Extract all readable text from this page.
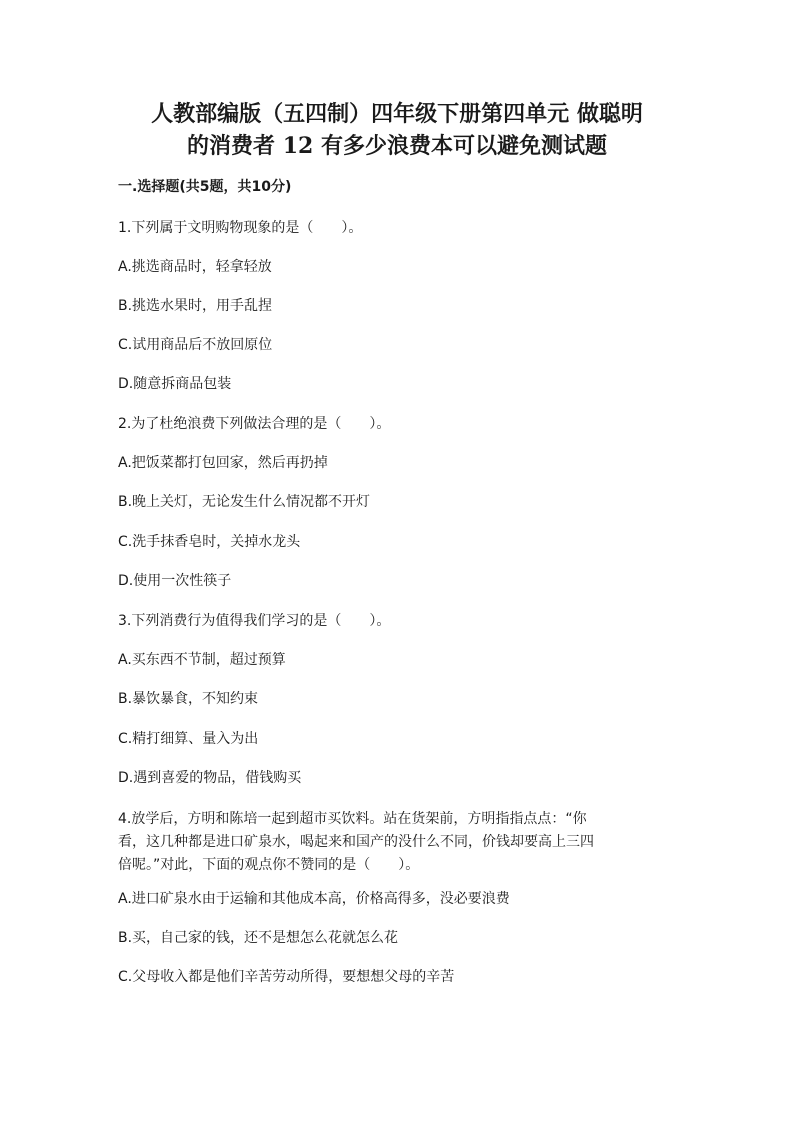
人教部编版（五四制）四年级下册第四单元 做聪明
的消费者 12 有多少浪费本可以避免测试题

一.选择题(共5题，共10分)

1.下列属于文明购物现象的是（　　）。

A.挑选商品时，轻拿轻放

B.挑选水果时，用手乱捏

C.试用商品后不放回原位

D.随意拆商品包装

2.为了杜绝浪费下列做法合理的是（　　）。

A.把饭菜都打包回家，然后再扔掉

B.晚上关灯，无论发生什么情况都不开灯

C.洗手抹香皂时，关掉水龙头

D.使用一次性筷子

3.下列消费行为值得我们学习的是（　　）。

A.买东西不节制，超过预算

B.暴饮暴食，不知约束

C.精打细算、量入为出

D.遇到喜爱的物品，借钱购买

4.放学后，方明和陈培一起到超市买饮料。站在货架前，方明指指点点：“你
看，这几种都是进口矿泉水，喝起来和国产的没什么不同，价钱却要高上三四
倍呢。”对此，下面的观点你不赞同的是（　　）。

A.进口矿泉水由于运输和其他成本高，价格高得多，没必要浪费

B.买，自己家的钱，还不是想怎么花就怎么花

C.父母收入都是他们辛苦劳动所得，要想想父母的辛苦
